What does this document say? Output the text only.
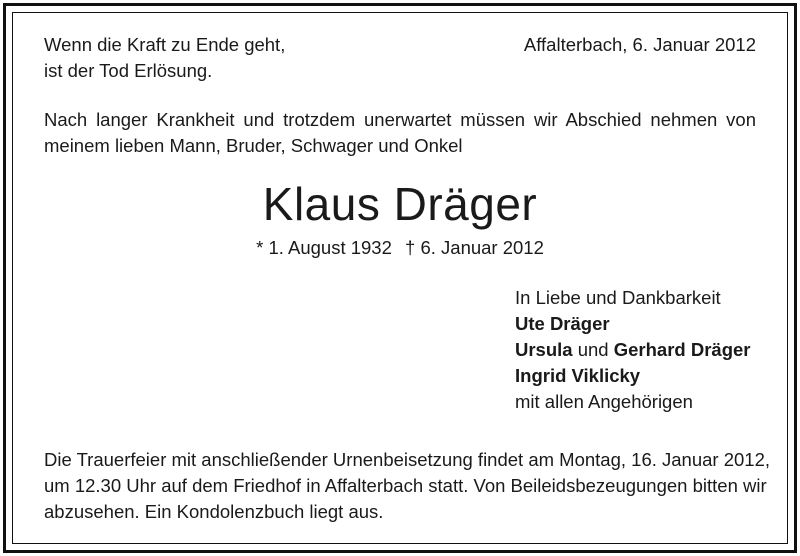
Wenn die Kraft zu Ende geht,
ist der Tod Erlösung.
Affalterbach, 6. Januar 2012
Nach langer Krankheit und trotzdem unerwartet müssen wir Abschied nehmen von
meinem lieben Mann, Bruder, Schwager und Onkel
Klaus Dräger
* 1. August 1932 † 6. Januar 2012
In Liebe und Dankbarkeit
Ute Dräger
Ursula und Gerhard Dräger
Ingrid Viklicky
mit allen Angehörigen
Die Trauerfeier mit anschließender Urnenbeisetzung findet am Montag, 16. Januar 2012,
um 12.30 Uhr auf dem Friedhof in Affalterbach statt. Von Beileidsbezeugungen bitten wir
abzusehen. Ein Kondolenzbuch liegt aus.
